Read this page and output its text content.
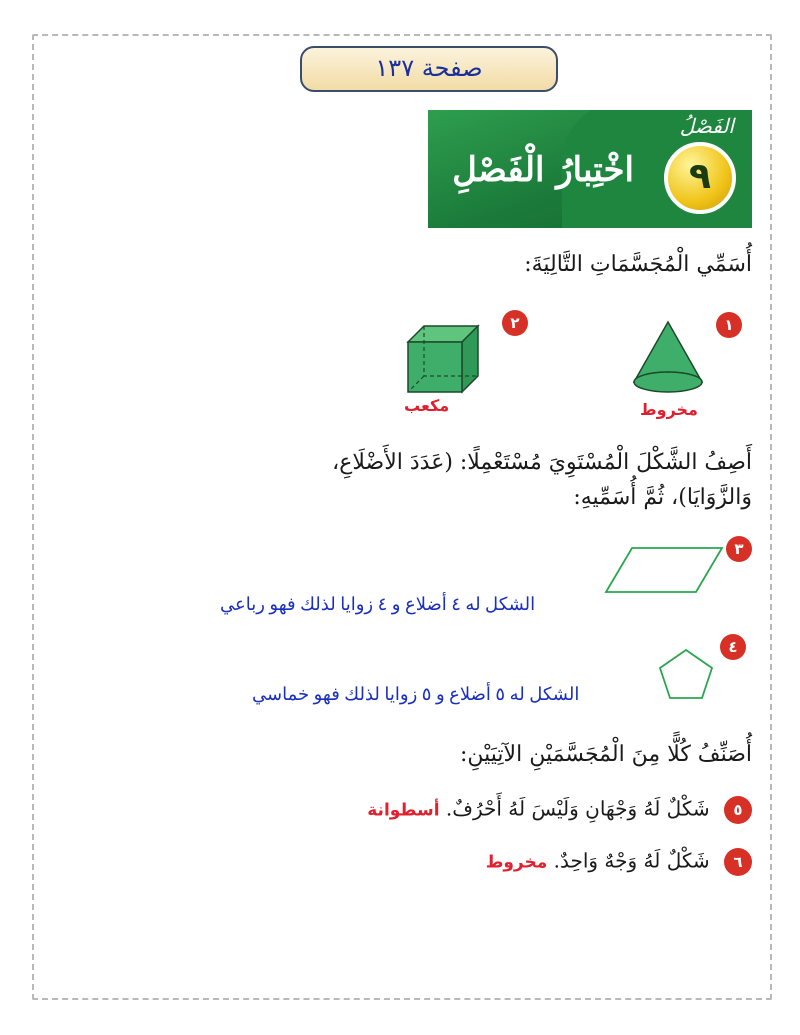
صفحة ١٣٧
الفَصْلُ
٩
اخْتِبارُ الْفَصْلِ
أُسَمِّي الْمُجَسَّمَاتِ التَّالِيَةَ:
١
مخروط
٢
مكعب
أَصِفُ الشَّكْلَ الْمُسْتَوِيَ مُسْتَعْمِلًا: (عَدَدَ الأَضْلَاعِ،
وَالزَّوَايَا)، ثُمَّ أُسَمِّيهِ:
٣
الشكل له ٤ أضلاع و ٤ زوايا لذلك فهو رباعي
٤
الشكل له ٥ أضلاع و ٥ زوايا لذلك فهو خماسي
أُصَنِّفُ كُلًّا مِنَ الْمُجَسَّمَيْنِ الآتِيَيْنِ:
٥ شَكْلٌ لَهُ وَجْهَانِ وَلَيْسَ لَهُ أَحْرُفٌ. أسطوانة
٦ شَكْلٌ لَهُ وَجْهٌ وَاحِدٌ. مخروط
